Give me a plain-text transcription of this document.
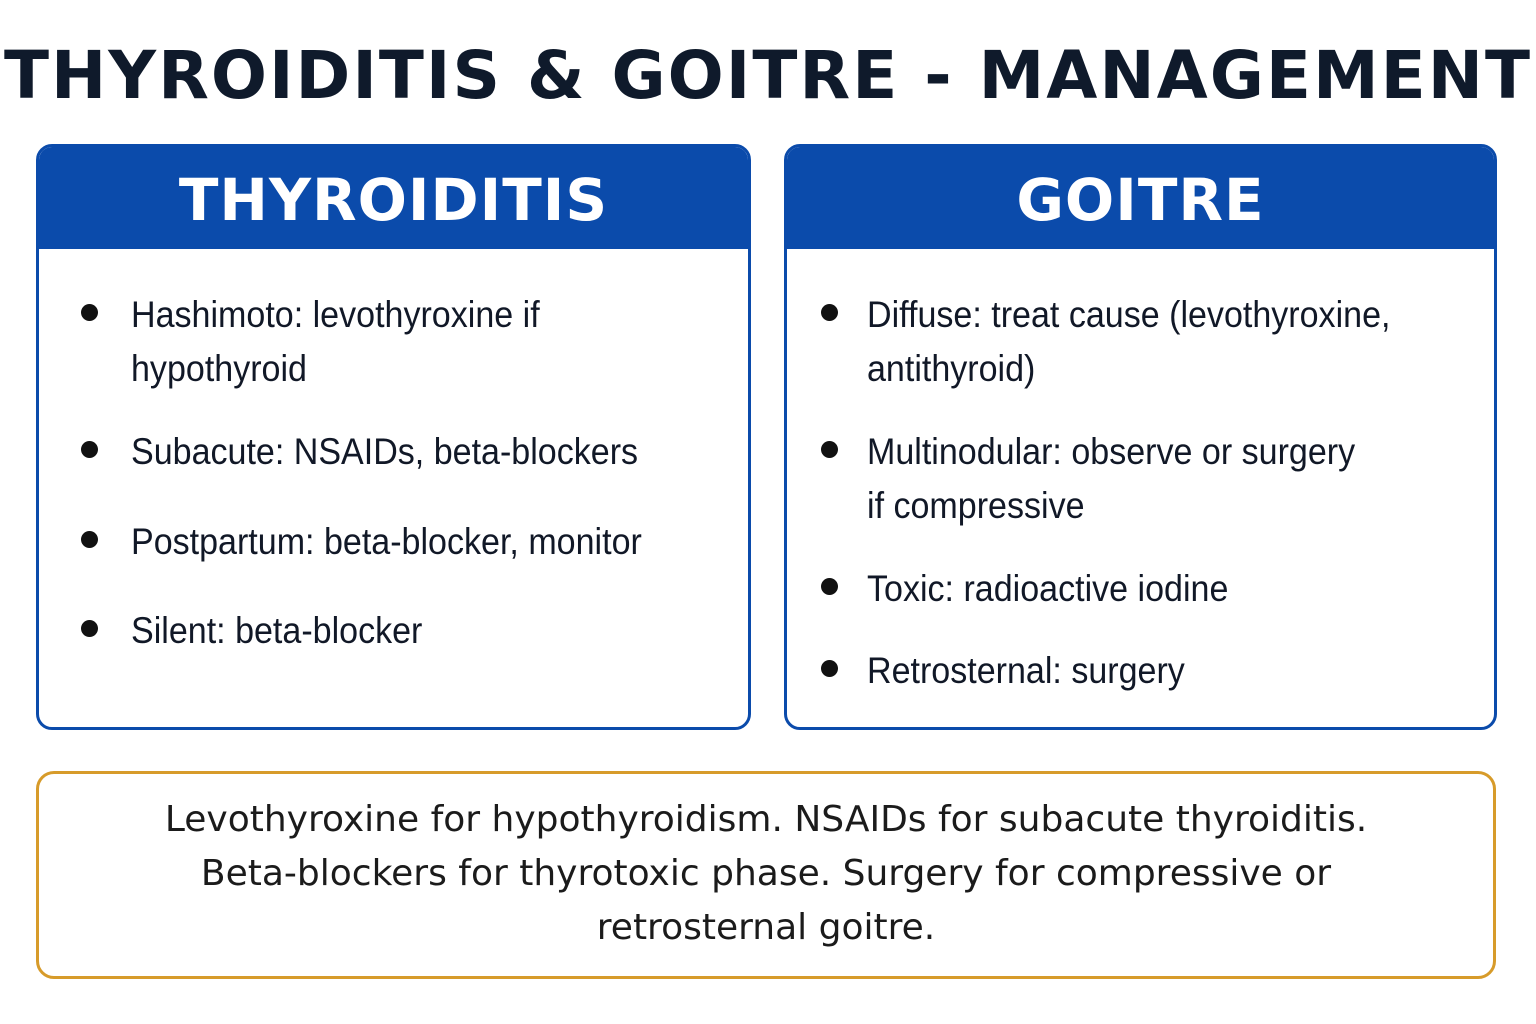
THYROIDITIS & GOITRE - MANAGEMENT
THYROIDITIS	GOITRE
Hashimoto: levothyroxine if
hypothyroid
Subacute: NSAIDs, beta-blockers
Postpartum: beta-blocker, monitor
Silent: beta-blocker
Diffuse: treat cause (levothyroxine,
antithyroid)
Multinodular: observe or surgery
if compressive
Toxic: radioactive iodine
Retrosternal: surgery
Levothyroxine for hypothyroidism. NSAIDs for subacute thyroiditis. Beta-blockers for thyrotoxic phase. Surgery for compressive or retrosternal goitre.
